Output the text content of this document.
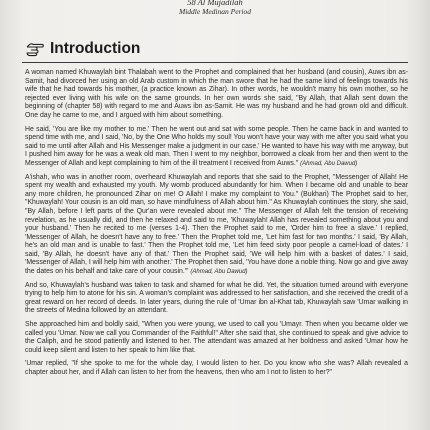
58 Al Mujadilah
Middle Medinan Period
Introduction

A woman named Khuwaylah bint Thalabah went to the Prophet and complained that her husband (and cousin), Auws ibn as-Samit, had divorced her using an old Arab custom in which the man swore that he had the same kind of feelings towards his wife that he had towards his mother, (a practice known as Zihar). In other words, he wouldn't marry his own mother, so he rejected ever living with his wife on the same grounds. In her own words she said, "By Allah, that Allah sent down the beginning of (chapter 58) with regard to me and Auws ibn as-Samit. He was my husband and he had grown old and difficult. One day he came to me, and I argued with him about something.

He said, 'You are like my mother to me.' Then he went out and sat with some people. Then he came back in and wanted to spend time with me, and I said, 'No, by the One Who holds my soul! You won't have your way with me after you said what you said to me until after Allah and His Messenger make a judgment in our case.' He wanted to have his way with me anyway, but I pushed him away for he was a weak old man. Then I went to my neighbor, borrowed a cloak from her and then went to the Messenger of Allah and kept complaining to him of the ill treatment I received from Auws." (Ahmad, Abu Dawud)

A'ishah, who was in another room, overheard Khuwaylah and reports that she said to the Prophet, "Messenger of Allah! He spent my wealth and exhausted my youth. My womb produced abundantly for him. When I became old and unable to bear any more children, he pronounced Zihar on me! O Allah! I make my complaint to You." (Bukhari) The Prophet said to her, "Khuwaylah! Your cousin is an old man, so have mindfulness of Allah about him." As Khuwaylah continues the story, she said, "By Allah, before I left parts of the Qur'an were revealed about me." The Messenger of Allah felt the tension of receiving revelation, as he usually did, and then he relaxed and said to me, 'Khuwaylah! Allah has revealed something about you and your husband.' Then he recited to me (verses 1-4). Then the Prophet said to me, 'Order him to free a slave.' I replied, 'Messenger of Allah, he doesn't have any to free.' Then the Prophet told me, 'Let him fast for two months.' I said, 'By Allah, he's an old man and is unable to fast.' Then the Prophet told me, 'Let him feed sixty poor people a camel-load of dates.' I said, 'By Allah, he doesn't have any of that.' Then the Prophet said, 'We will help him with a basket of dates.' I said, 'Messenger of Allah, I will help him with another.' The Prophet then said, 'You have done a noble thing. Now go and give away the dates on his behalf and take care of your cousin.'" (Ahmad, Abu Dawud)

And so, Khuwaylah's husband was taken to task and shamed for what he did. Yet, the situation turned around with everyone trying to help him to atone for his sin. A woman's complaint was addressed to her satisfaction, and she received the credit of a great reward on her record of deeds. In later years, during the rule of 'Umar ibn al-Khat tab, Khuwaylah saw 'Umar walking in the streets of Medina followed by an attendant.

She approached him and boldly said, "When you were young, we used to call you 'Umayr. Then when you became older we called you 'Umar. Now we call you Commander of the Faithful!" After she said that, she continued to speak and give advice to the Caliph, and he stood patiently and listened to her. The attendant was amazed at her boldness and asked 'Umar how he could keep silent and listen to her speak to him like that.

'Umar replied, "If she spoke to me for the whole day, I would listen to her. Do you know who she was? Allah revealed a chapter about her, and if Allah can listen to her from the heavens, then who am I not to listen to her?"
